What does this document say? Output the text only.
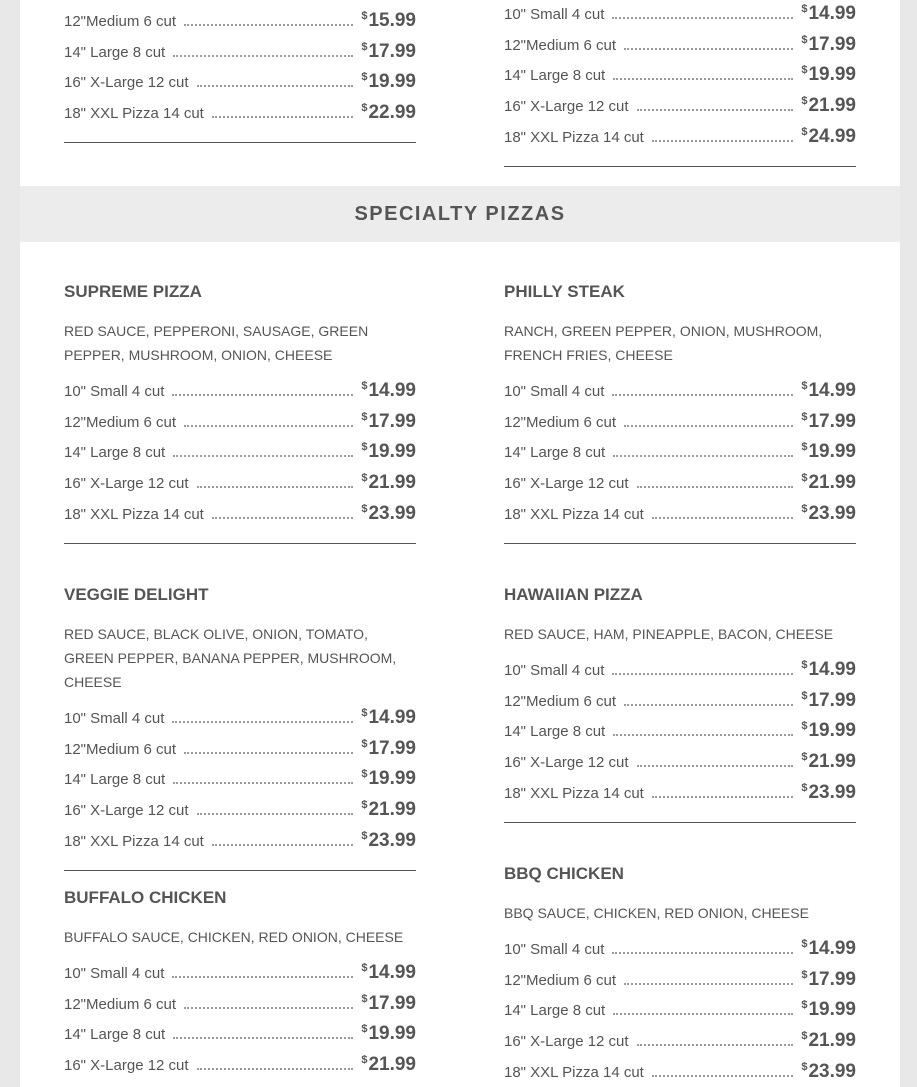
SPECIALTY PIZZAS
12"Medium 6 cut	$15.99
14" Large 8 cut	$17.99
16" X-Large 12 cut	$19.99
18" XXL Pizza 14 cut	$22.99
10" Small 4 cut	$14.99
12"Medium 6 cut	$17.99
14" Large 8 cut	$19.99
16" X-Large 12 cut	$21.99
18" XXL Pizza 14 cut	$24.99
SUPREME PIZZA

RED SAUCE, PEPPERONI, SAUSAGE, GREEN PEPPER, MUSHROOM, ONION, CHEESE

10" Small 4 cut	$14.99
12"Medium 6 cut	$17.99
14" Large 8 cut	$19.99
16" X-Large 12 cut	$21.99
18" XXL Pizza 14 cut	$23.99
PHILLY STEAK

RANCH, GREEN PEPPER, ONION, MUSHROOM, FRENCH FRIES, CHEESE

10" Small 4 cut	$14.99
12"Medium 6 cut	$17.99
14" Large 8 cut	$19.99
16" X-Large 12 cut	$21.99
18" XXL Pizza 14 cut	$23.99
VEGGIE DELIGHT

RED SAUCE, BLACK OLIVE, ONION, TOMATO, GREEN PEPPER, BANANA PEPPER, MUSHROOM, CHEESE

10" Small 4 cut	$14.99
12"Medium 6 cut	$17.99
14" Large 8 cut	$19.99
16" X-Large 12 cut	$21.99
18" XXL Pizza 14 cut	$23.99
HAWAIIAN PIZZA

RED SAUCE, HAM, PINEAPPLE, BACON, CHEESE

10" Small 4 cut	$14.99
12"Medium 6 cut	$17.99
14" Large 8 cut	$19.99
16" X-Large 12 cut	$21.99
18" XXL Pizza 14 cut	$23.99
BUFFALO CHICKEN

BUFFALO SAUCE, CHICKEN, RED ONION, CHEESE

10" Small 4 cut	$14.99
12"Medium 6 cut	$17.99
14" Large 8 cut	$19.99
16" X-Large 12 cut	$21.99
BBQ CHICKEN

BBQ SAUCE, CHICKEN, RED ONION, CHEESE

10" Small 4 cut	$14.99
12"Medium 6 cut	$17.99
14" Large 8 cut	$19.99
16" X-Large 12 cut	$21.99
18" XXL Pizza 14 cut	$23.99
